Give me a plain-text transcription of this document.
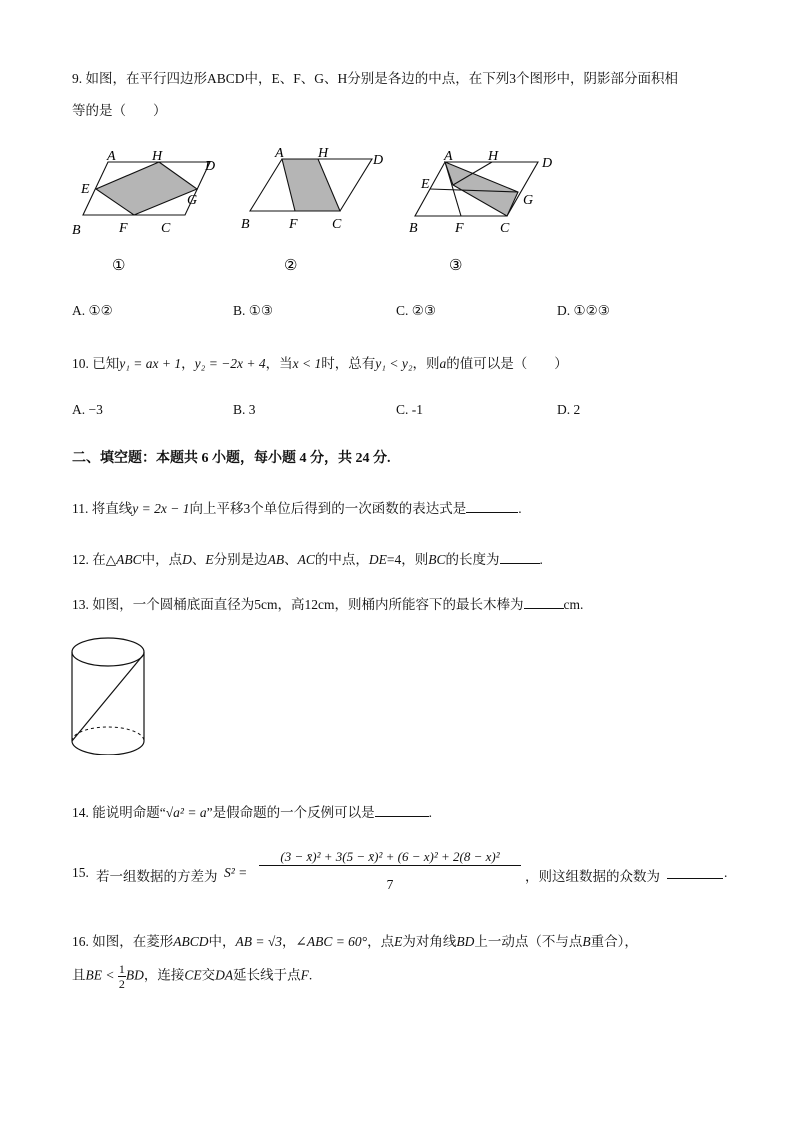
9. 如图，在平行四边形ABCD中，E、F、G、H分别是各边的中点，在下列3个图形中，阴影部分面积相
等的是（　　）
A	H
D
E
G
B	F C
①
A H	D
B	F C
②
A	H	D
E
G
B	F	C
③
A. ①②	B. ①③	C. ②③	D. ①②③
10. 已知y₁ = ax + 1，y₂ = −2x + 4，当x < 1时，总有y₁ < y₂，则a的值可以是（　　）
A. −3	B. 3	C. -1	D. 2
二、填空题：本题共 6 小题，每小题 4 分，共 24 分.
11. 将直线y = 2x − 1向上平移3个单位后得到的一次函数的表达式是	.
12. 在△ABC中，点D、E分别是边AB、AC的中点，DE=4，则BC的长度为	.
13. 如图，一个圆桶底面直径为5cm，高12cm，则桶内所能容下的最长木棒为	cm.
14. 能说明命题“√a² = a”是假命题的一个反例可以是	.
15. 若一组数据的方差为 S² =
(3 − x̄)² + 3(5 − x̄)² + (6 − x)² + 2(8 − x)²
7
，则这组数据的众数为	.
16. 如图，在菱形ABCD中，AB = √3，∠ABC = 60°，点E为对角线BD上一动点（不与点B重合），
且BE < $\frac{1}{2}$ BD，连接CE交DA延长线于点F.
